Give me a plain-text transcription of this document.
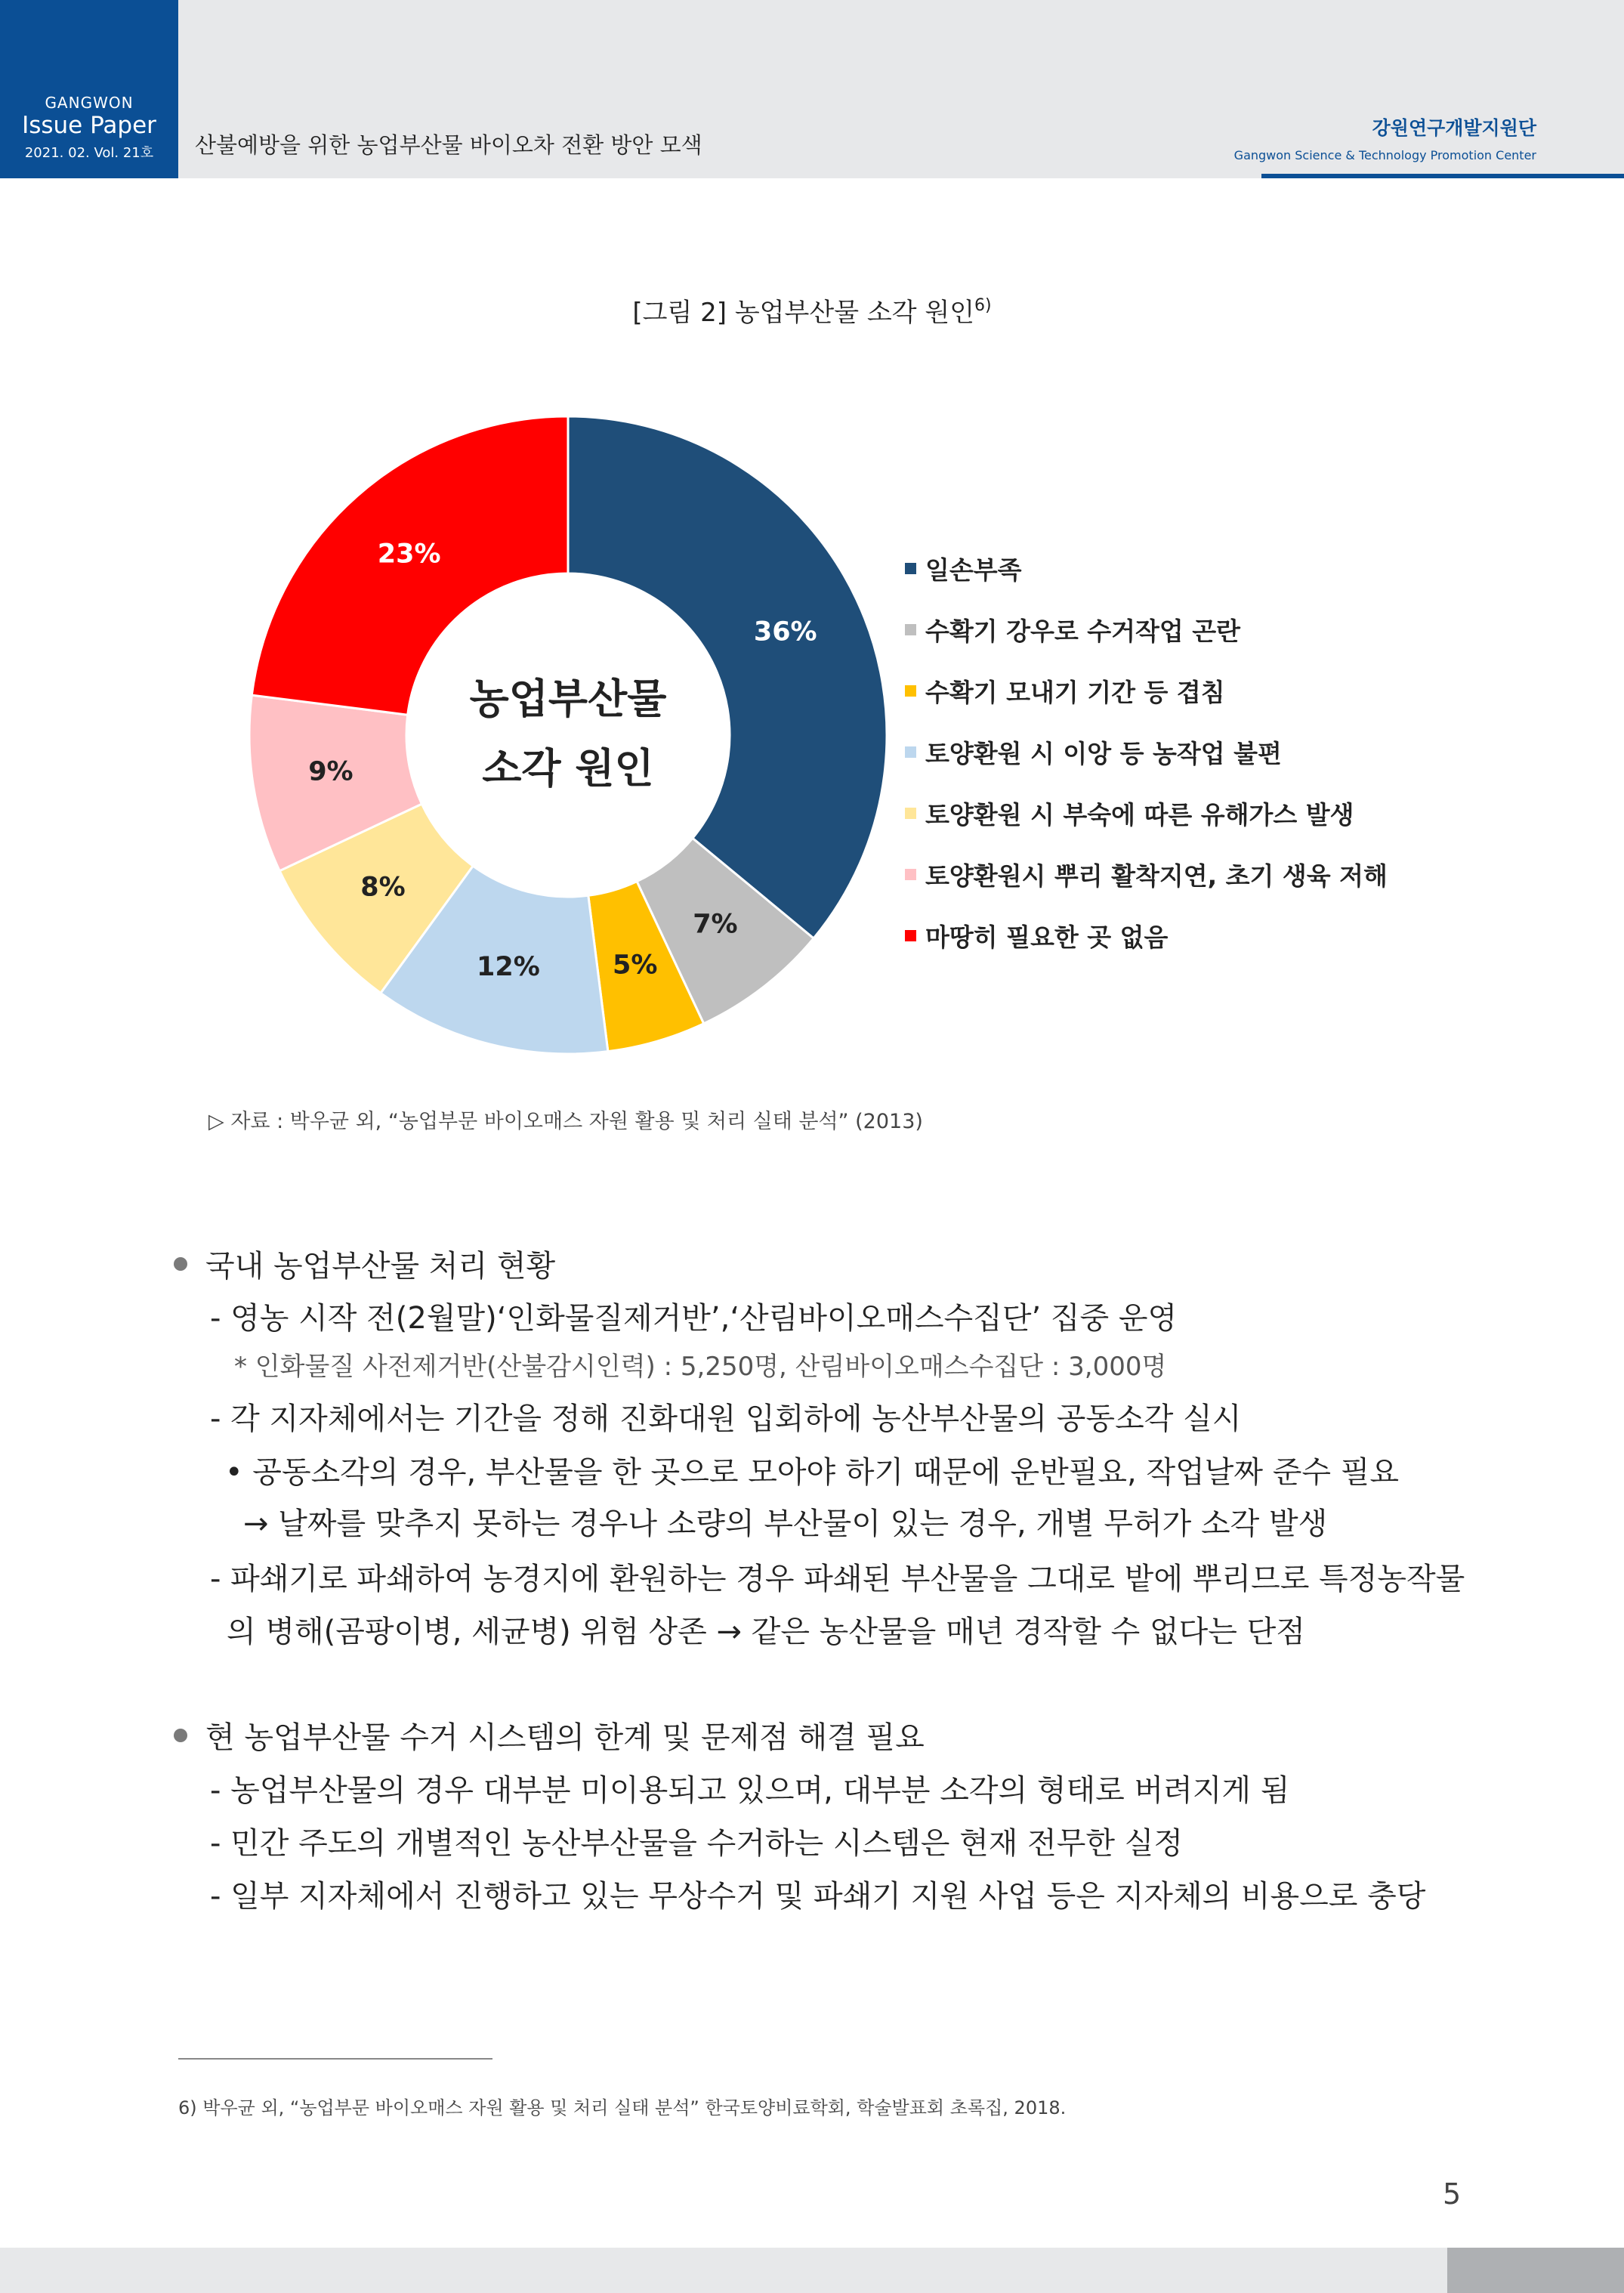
GANGWON
Issue Paper
2021. 02. Vol. 21호	산불예방을 위한 농업부산물 바이오차 전환 방안 모색
강원연구개발지원단
Gangwon Science & Technology Promotion Center
[그림 2] 농업부산물 소각 원인$^{6)}$
36%
7%
5%
12%
8%
9%
23%
농업부산물
소각 원인
일손부족
수확기 강우로 수거작업 곤란
수확기 모내기 기간 등 겹침
토양환원 시 이앙 등 농작업 불편
토양환원 시 부숙에 따른 유해가스 발생
토양환원시 뿌리 활착지연, 초기 생육 저해
마땅히 필요한 곳 없음
▷ 자료 : 박우균 외, “농업부문 바이오매스 자원 활용 및 처리 실태 분석” (2013)
국내 농업부산물 처리 현황
- 영농 시작 전(2월말)‘인화물질제거반’,‘산림바이오매스수집단’ 집중 운영
* 인화물질 사전제거반(산불감시인력) : 5,250명, 산림바이오매스수집단 : 3,000명
- 각 지자체에서는 기간을 정해 진화대원 입회하에 농산부산물의 공동소각 실시
• 공동소각의 경우, 부산물을 한 곳으로 모아야 하기 때문에 운반필요, 작업날짜 준수 필요
→ 날짜를 맞추지 못하는 경우나 소량의 부산물이 있는 경우, 개별 무허가 소각 발생
- 파쇄기로 파쇄하여 농경지에 환원하는 경우 파쇄된 부산물을 그대로 밭에 뿌리므로 특정농작물
의 병해(곰팡이병, 세균병) 위험 상존 → 같은 농산물을 매년 경작할 수 없다는 단점
현 농업부산물 수거 시스템의 한계 및 문제점 해결 필요
- 농업부산물의 경우 대부분 미이용되고 있으며, 대부분 소각의 형태로 버려지게 됨
- 민간 주도의 개별적인 농산부산물을 수거하는 시스템은 현재 전무한 실정
- 일부 지자체에서 진행하고 있는 무상수거 및 파쇄기 지원 사업 등은 지자체의 비용으로 충당
6) 박우균 외, “농업부문 바이오매스 자원 활용 및 처리 실태 분석” 한국토양비료학회, 학술발표회 초록집, 2018.
5
